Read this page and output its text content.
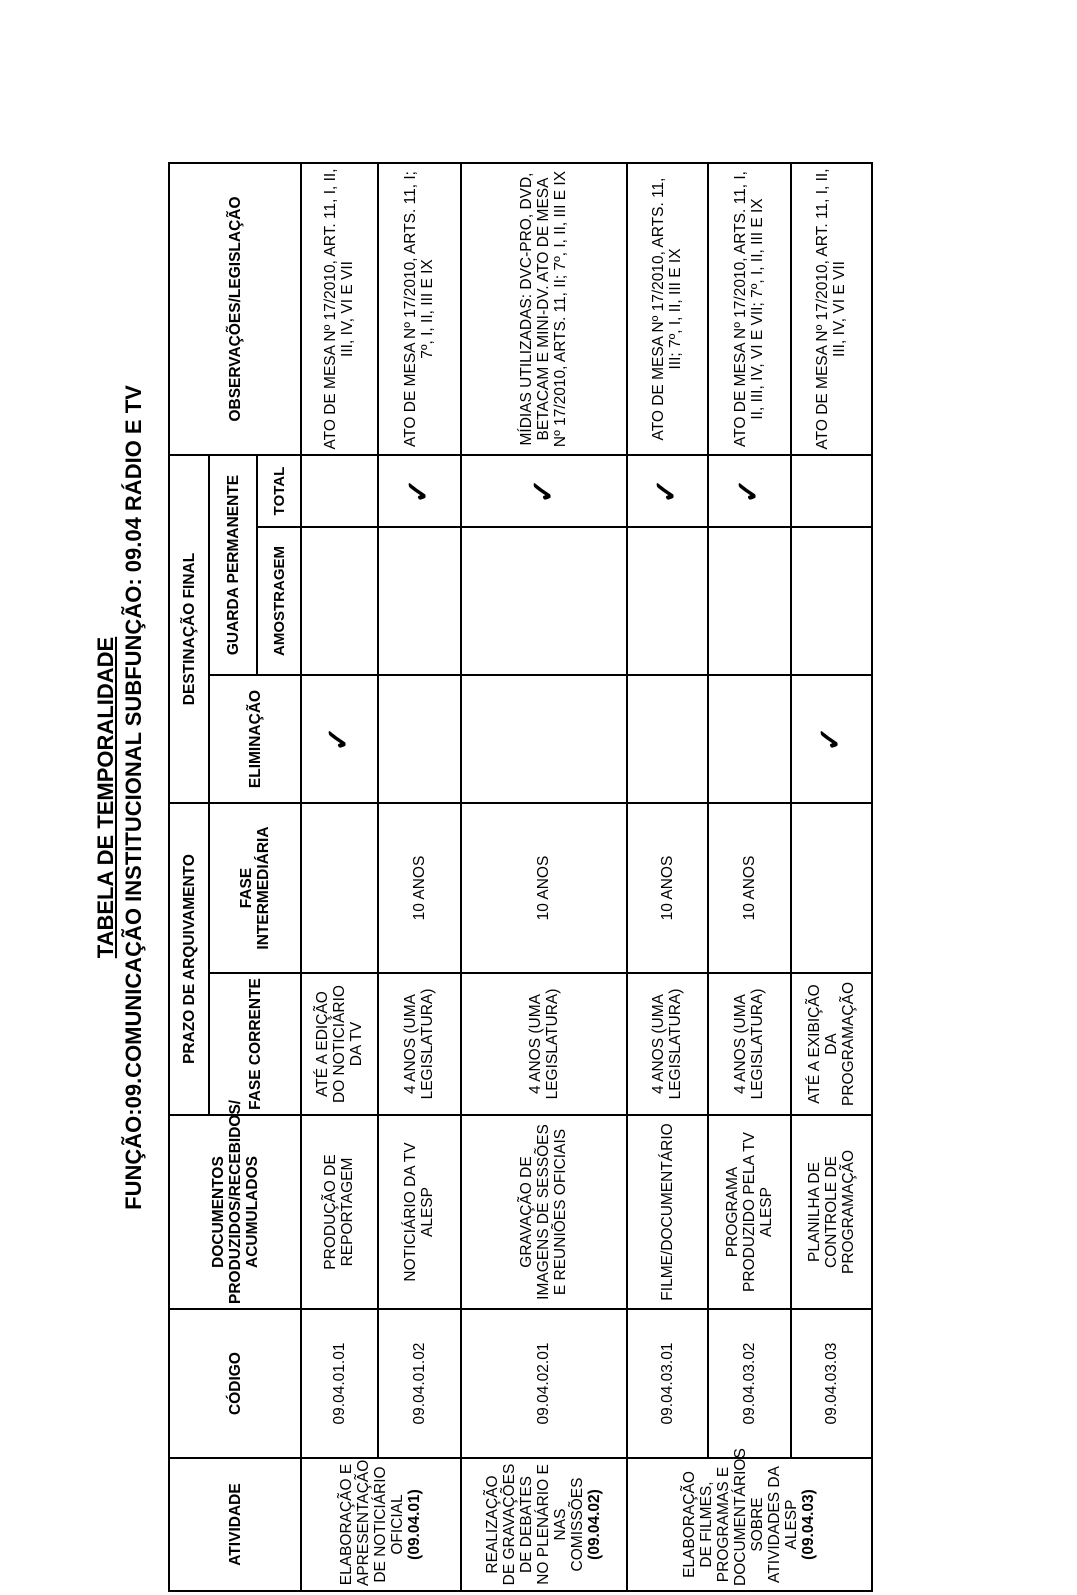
TABELA DE TEMPORALIDADE FUNÇÃO:09.COMUNICAÇÃO INSTITUCIONAL SUBFUNÇÃO: 09.04 RÁDIO E TV
ATIVIDADE	CÓDIGO	DOCUMENTOS PRODUZIDOS/RECEBIDOS/ ACUMULADOS	PRAZO DE ARQUIVAMENTO		DESTINAÇÃO FINAL			OBSERVAÇÕES/LEGISLAÇÃO
			FASE CORRENTE	FASE INTERMEDIÁRIA	ELIMINAÇÃO	GUARDA PERMANENTE		
						AMOSTRAGEM	TOTAL	

ELABORAÇÃO E APRESENTAÇÃO DE NOTICIÁRIO OFICIAL (09.04.01)	09.04.01.01	PRODUÇÃO DE REPORTAGEM	ATÉ A EDIÇÃO DO NOTICIÁRIO DA TV		✓			ATO DE MESA Nº 17/2010, ART. 11, I, II, III, IV, VI E VII
	09.04.01.02	NOTICIÁRIO DA TV ALESP	4 ANOS (UMA LEGISLATURA)	10 ANOS			✓	ATO DE MESA Nº 17/2010, ARTS. 11, I; 7º, I, II, III E IX

REALIZAÇÃO DE GRAVAÇÕES DE DEBATES NO PLENÁRIO E NAS COMISSÕES (09.04.02)	09.04.02.01	GRAVAÇÃO DE IMAGENS DE SESSÕES E REUNIÕES OFICIAIS	4 ANOS (UMA LEGISLATURA)	10 ANOS			✓	MÍDIAS UTILIZADAS: DVC-PRO, DVD, BETACAM E MINI-DV. ATO DE MESA Nº 17/2010, ARTS. 11, II; 7º, I, II, III E IX

ELABORAÇÃO DE FILMES, PROGRAMAS E DOCUMENTÁRIOS SOBRE ATIVIDADES DA ALESP (09.04.03)	09.04.03.01	FILME/DOCUMENTÁRIO	4 ANOS (UMA LEGISLATURA)	10 ANOS			✓	ATO DE MESA Nº 17/2010, ARTS. 11, III; 7º, I, II, III E IX
	09.04.03.02	PROGRAMA PRODUZIDO PELA TV ALESP	4 ANOS (UMA LEGISLATURA)	10 ANOS			✓	ATO DE MESA Nº 17/2010, ARTS. 11, I, II, III, IV, VI E VII; 7º, I, II, III E IX
	09.04.03.03	PLANILHA DE CONTROLE DE PROGRAMAÇÃO	ATÉ A EXIBIÇÃO DA PROGRAMAÇÃO		✓			ATO DE MESA Nº 17/2010, ART. 11, I, II, III, IV, VI E VII
